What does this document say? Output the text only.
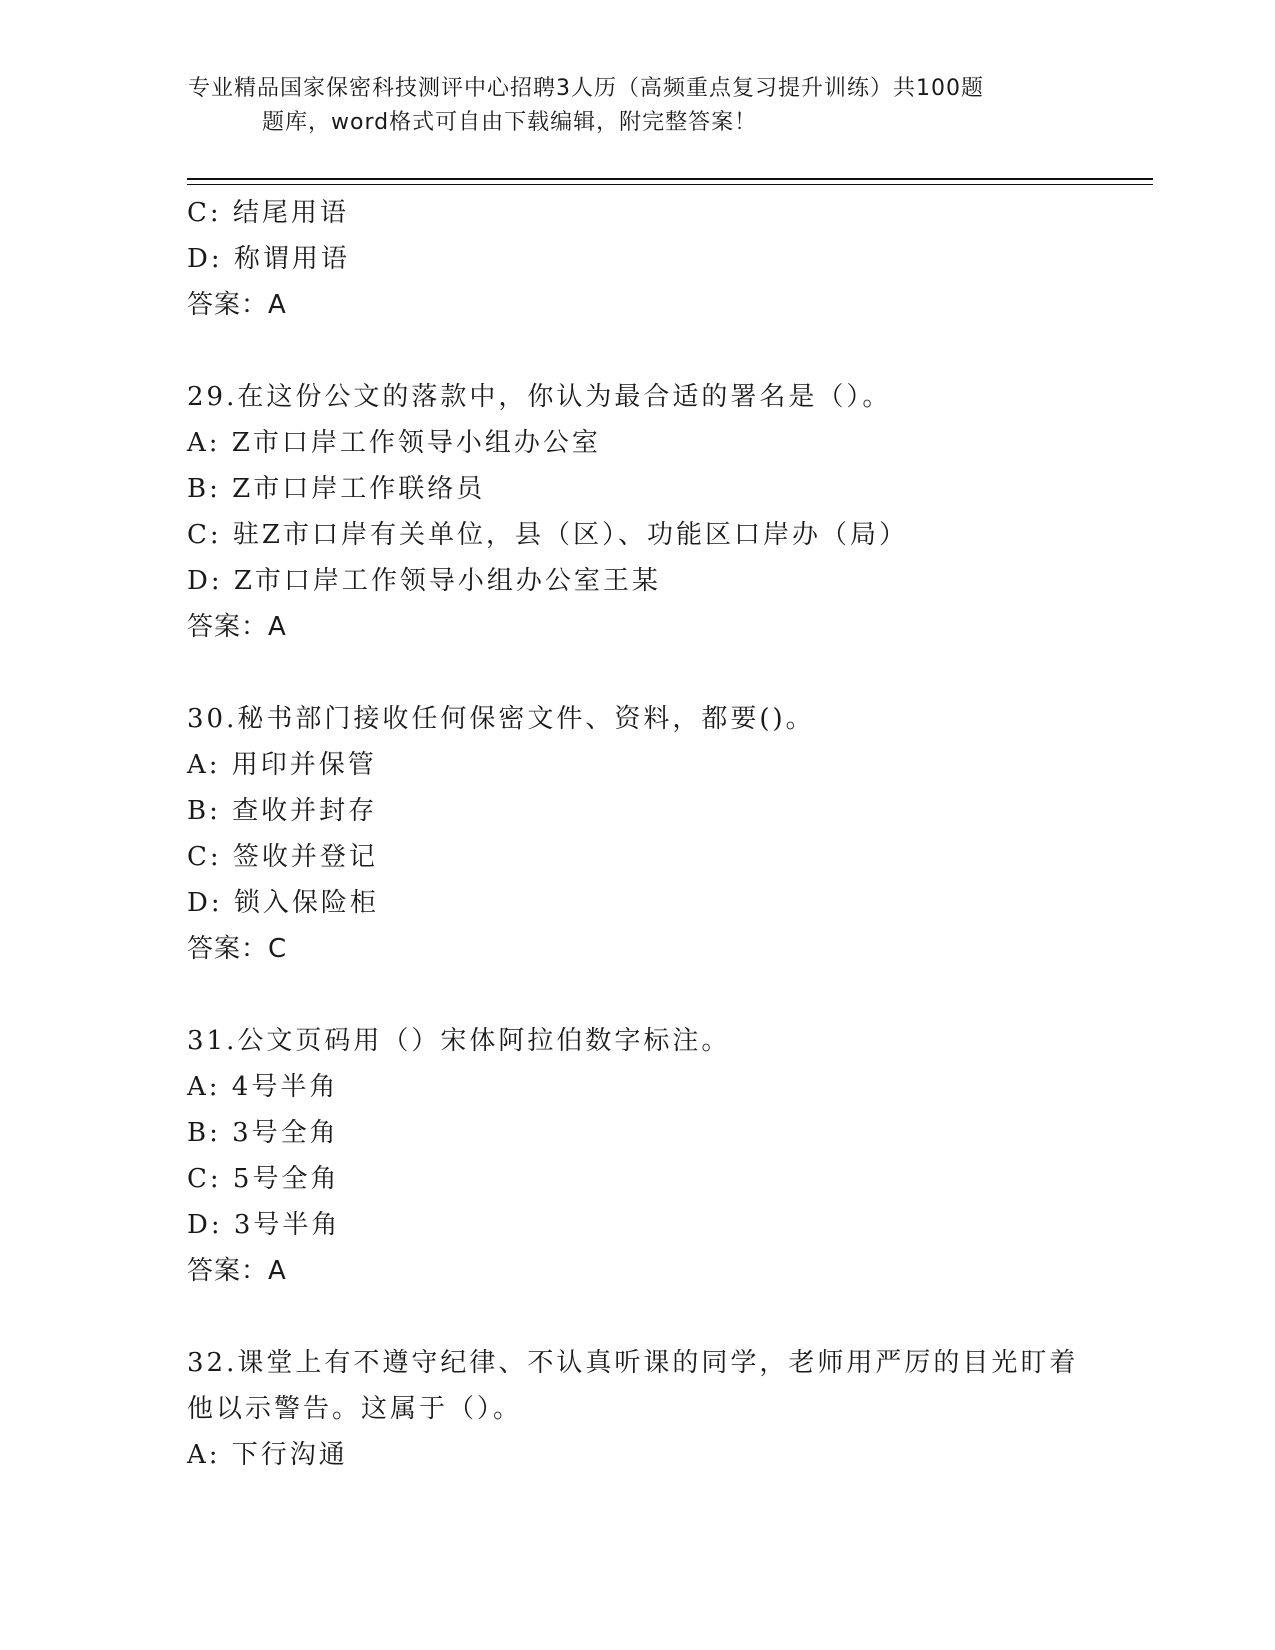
专业精品国家保密科技测评中心招聘3人历（高频重点复习提升训练）共100题
题库，word格式可自由下载编辑，附完整答案！
C: 结尾用语
D: 称谓用语
答案：A
29.在这份公文的落款中，你认为最合适的署名是（）。
A: Z市口岸工作领导小组办公室
B: Z市口岸工作联络员
C: 驻Z市口岸有关单位，县（区）、功能区口岸办（局）
D: Z市口岸工作领导小组办公室王某
答案：A
30.秘书部门接收任何保密文件、资料，都要()。
A: 用印并保管
B: 查收并封存
C: 签收并登记
D: 锁入保险柜
答案：C
31.公文页码用（）宋体阿拉伯数字标注。
A: 4号半角
B: 3号全角
C: 5号全角
D: 3号半角
答案：A
32.课堂上有不遵守纪律、不认真听课的同学，老师用严厉的目光盯着
他以示警告。这属于（）。
A: 下行沟通
